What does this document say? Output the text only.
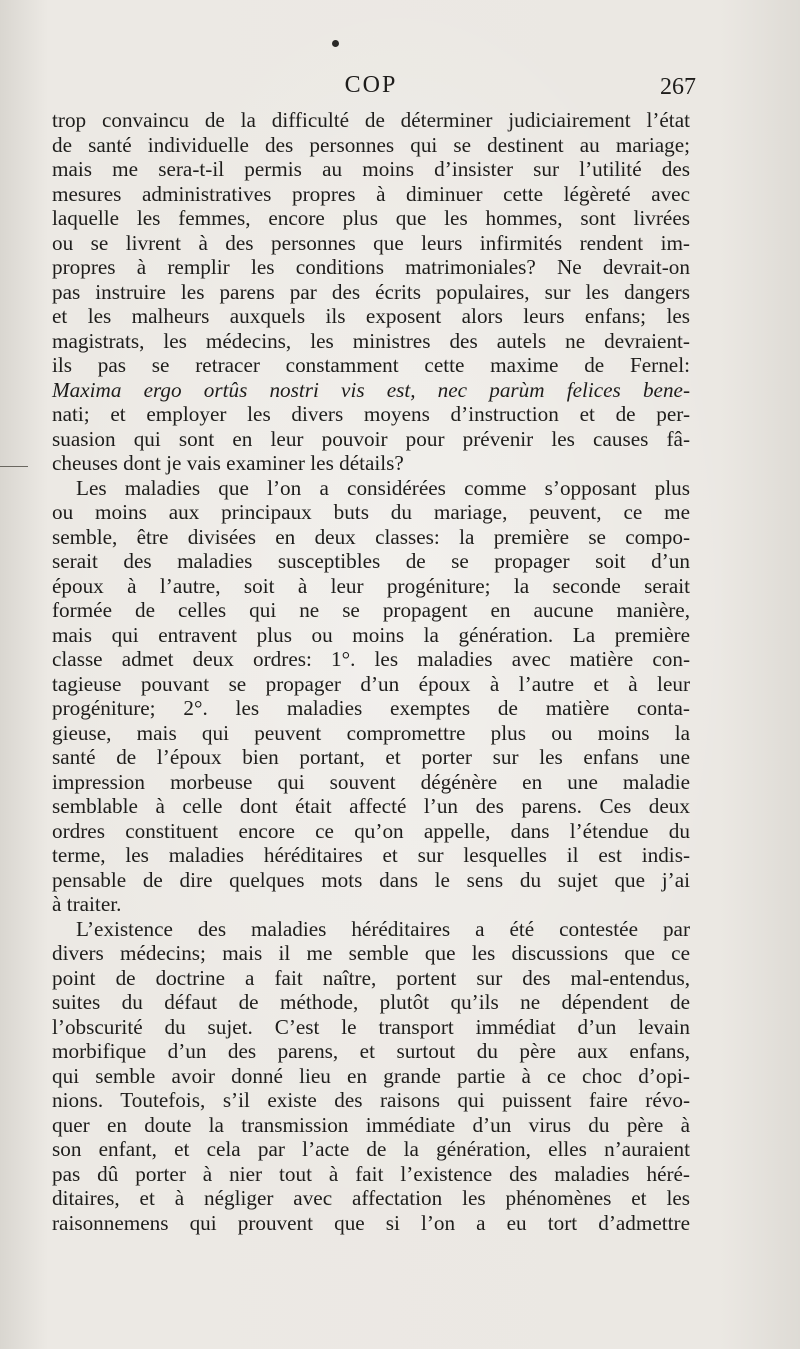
COP	267

trop convaincu de la difficulté de déterminer judiciairement l’état
de santé individuelle des personnes qui se destinent au mariage;
mais me sera-t-il permis au moins d’insister sur l’utilité des
mesures administratives propres à diminuer cette légèreté avec
laquelle les femmes, encore plus que les hommes, sont livrées
ou se livrent à des personnes que leurs infirmités rendent im-
propres à remplir les conditions matrimoniales? Ne devrait-on
pas instruire les parens par des écrits populaires, sur les dangers
et les malheurs auxquels ils exposent alors leurs enfans; les
magistrats, les médecins, les ministres des autels ne devraient-
ils pas se retracer constamment cette maxime de Fernel:
Maxima ergo ortûs nostri vis est, nec parùm felices bene-
nati; et employer les divers moyens d’instruction et de per-
suasion qui sont en leur pouvoir pour prévenir les causes fâ-
cheuses dont je vais examiner les détails?

Les maladies que l’on a considérées comme s’opposant plus
ou moins aux principaux buts du mariage, peuvent, ce me
semble, être divisées en deux classes: la première se compo-
serait des maladies susceptibles de se propager soit d’un
époux à l’autre, soit à leur progéniture; la seconde serait
formée de celles qui ne se propagent en aucune manière,
mais qui entravent plus ou moins la génération. La première
classe admet deux ordres: 1°. les maladies avec matière con-
tagieuse pouvant se propager d’un époux à l’autre et à leur
progéniture; 2°. les maladies exemptes de matière conta-
gieuse, mais qui peuvent compromettre plus ou moins la
santé de l’époux bien portant, et porter sur les enfans une
impression morbeuse qui souvent dégénère en une maladie
semblable à celle dont était affecté l’un des parens. Ces deux
ordres constituent encore ce qu’on appelle, dans l’étendue du
terme, les maladies héréditaires et sur lesquelles il est indis-
pensable de dire quelques mots dans le sens du sujet que j’ai
à traiter.

L’existence des maladies héréditaires a été contestée par
divers médecins; mais il me semble que les discussions que ce
point de doctrine a fait naître, portent sur des mal-entendus,
suites du défaut de méthode, plutôt qu’ils ne dépendent de
l’obscurité du sujet. C’est le transport immédiat d’un levain
morbifique d’un des parens, et surtout du père aux enfans,
qui semble avoir donné lieu en grande partie à ce choc d’opi-
nions. Toutefois, s’il existe des raisons qui puissent faire révo-
quer en doute la transmission immédiate d’un virus du père à
son enfant, et cela par l’acte de la génération, elles n’auraient
pas dû porter à nier tout à fait l’existence des maladies héré-
ditaires, et à négliger avec affectation les phénomènes et les
raisonnemens qui prouvent que si l’on a eu tort d’admettre
